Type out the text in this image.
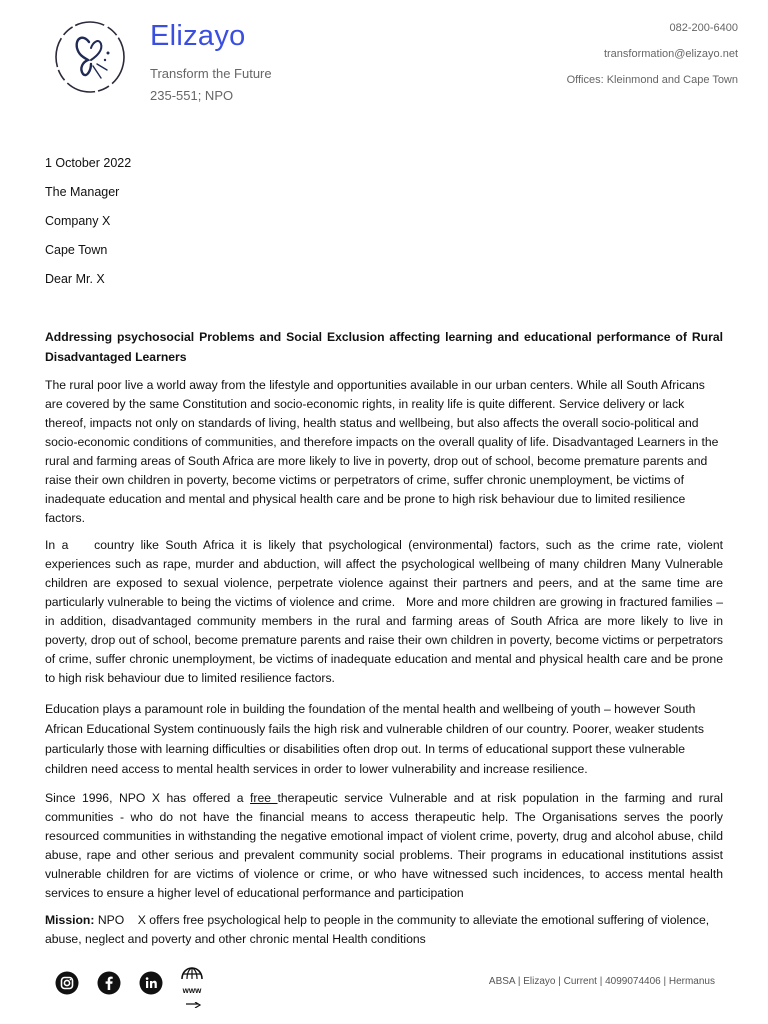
Elizayo
Transform the Future
235-551; NPO
082-200-6400
transformation@elizayo.net
Offices: Kleinmond and Cape Town
1 October 2022
The Manager
Company X
Cape Town
Dear Mr. X
Addressing psychosocial Problems and Social Exclusion affecting learning and educational performance of Rural Disadvantaged Learners
The rural poor live a world away from the lifestyle and opportunities available in our urban centers. While all South Africans are covered by the same Constitution and socio-economic rights, in reality life is quite different. Service delivery or lack thereof, impacts not only on standards of living, health status and wellbeing, but also affects the overall socio-political and socio-economic conditions of communities, and therefore impacts on the overall quality of life. Disadvantaged Learners in the rural and farming areas of South Africa are more likely to live in poverty, drop out of school, become premature parents and raise their own children in poverty, become victims or perpetrators of crime, suffer chronic unemployment, be victims of inadequate education and mental and physical health care and be prone to high risk behaviour due to limited resilience factors.
In a    country like South Africa it is likely that psychological (environmental) factors, such as the crime rate, violent experiences such as rape, murder and abduction, will affect the psychological wellbeing of many children Many Vulnerable children are exposed to sexual violence, perpetrate violence against their partners and peers, and at the same time are particularly vulnerable to being the victims of violence and crime.   More and more children are growing in fractured families – in addition, disadvantaged community members in the rural and farming areas of South Africa are more likely to live in poverty, drop out of school, become premature parents and raise their own children in poverty, become victims or perpetrators of crime, suffer chronic unemployment, be victims of inadequate education and mental and physical health care and be prone to high risk behaviour due to limited resilience factors.
Education plays a paramount role in building the foundation of the mental health and wellbeing of youth – however South African Educational System continuously fails the high risk and vulnerable children of our country. Poorer, weaker students particularly those with learning difficulties or disabilities often drop out. In terms of educational support these vulnerable children need access to mental health services in order to lower vulnerability and increase resilience.
Since 1996, NPO X has offered a free therapeutic service Vulnerable and at risk population in the farming and rural communities - who do not have the financial means to access therapeutic help. The Organisations serves the poorly resourced communities in withstanding the negative emotional impact of violent crime, poverty, drug and alcohol abuse, child abuse, rape and other serious and prevalent community social problems. Their programs in educational institutions assist vulnerable children for are victims of violence or crime, or who have witnessed such incidences, to access mental health services to ensure a higher level of educational performance and participation
Mission: NPO    X offers free psychological help to people in the community to alleviate the emotional suffering of violence, abuse, neglect and poverty and other chronic mental Health conditions
www
ABSA | Elizayo | Current | 4099074406 | Hermanus
